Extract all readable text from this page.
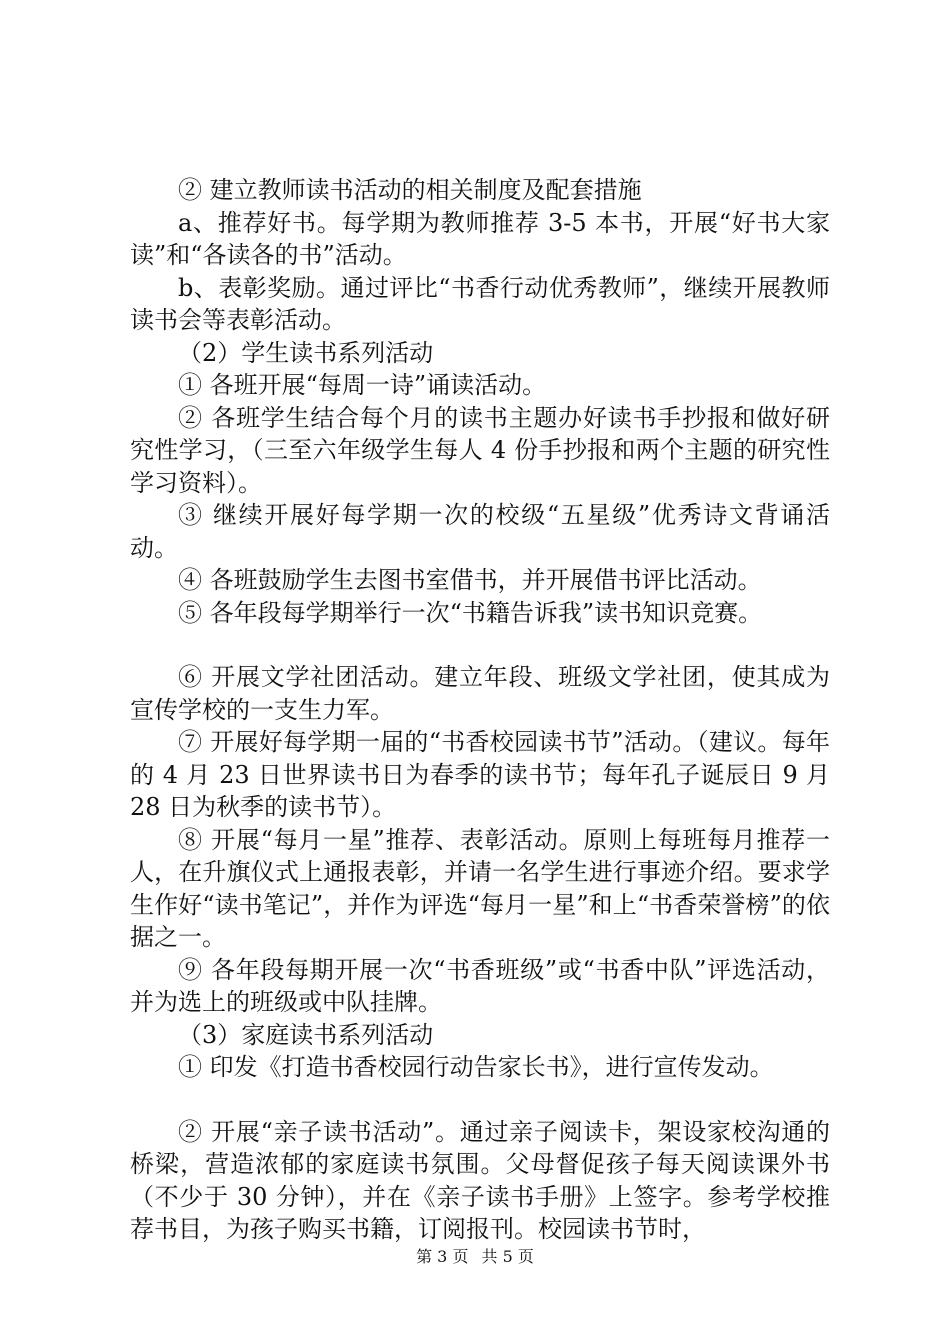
② 建立教师读书活动的相关制度及配套措施

a、推荐好书。每学期为教师推荐 3-5 本书，开展“好书大家读”和“各读各的书”活动。

b、表彰奖励。通过评比“书香行动优秀教师”，继续开展教师读书会等表彰活动。

（2）学生读书系列活动

① 各班开展“每周一诗”诵读活动。

② 各班学生结合每个月的读书主题办好读书手抄报和做好研究性学习，（三至六年级学生每人 4 份手抄报和两个主题的研究性学习资料）。

③ 继续开展好每学期一次的校级“五星级”优秀诗文背诵活动。

④ 各班鼓励学生去图书室借书，并开展借书评比活动。

⑤ 各年段每学期举行一次“书籍告诉我”读书知识竞赛。

⑥ 开展文学社团活动。建立年段、班级文学社团，使其成为宣传学校的一支生力军。

⑦ 开展好每学期一届的“书香校园读书节”活动。（建议。每年的 4 月 23 日世界读书日为春季的读书节；每年孔子诞辰日 9 月 28 日为秋季的读书节）。

⑧ 开展“每月一星”推荐、表彰活动。原则上每班每月推荐一人，在升旗仪式上通报表彰，并请一名学生进行事迹介绍。要求学生作好“读书笔记”，并作为评选“每月一星”和上“书香荣誉榜”的依据之一。

⑨ 各年段每期开展一次“书香班级”或“书香中队”评选活动，并为选上的班级或中队挂牌。

（3）家庭读书系列活动

① 印发《打造书香校园行动告家长书》，进行宣传发动。

② 开展“亲子读书活动”。通过亲子阅读卡，架设家校沟通的桥梁，营造浓郁的家庭读书氛围。父母督促孩子每天阅读课外书（不少于 30 分钟），并在《亲子读书手册》上签字。参考学校推荐书目，为孩子购买书籍，订阅报刊。校园读书节时，

第 3 页 共 5 页
